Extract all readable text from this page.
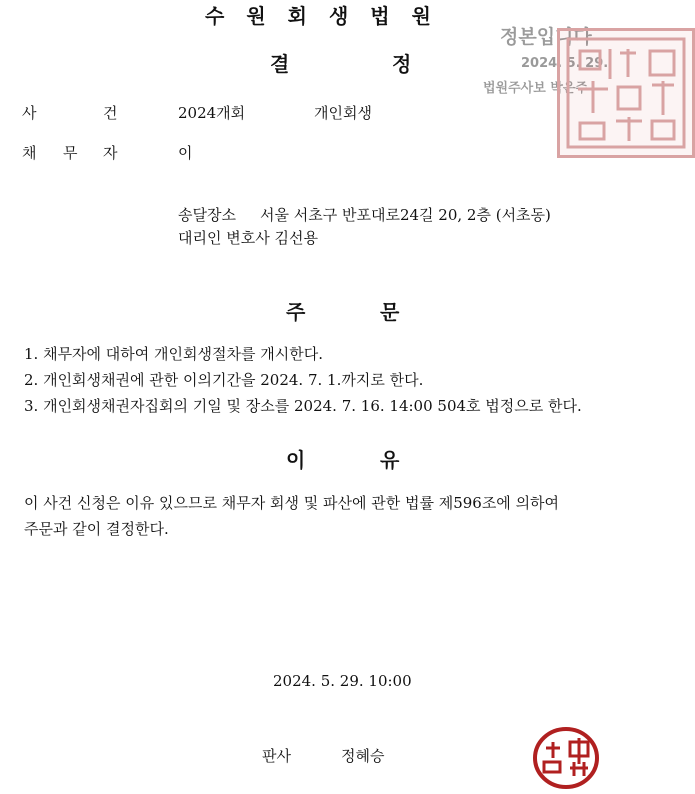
수원회생법원
결	정
정본입니다
2024. 5. 29.
법원주사보 박은주
사	건	2024개회	개인회생
채 무 자	이
송달장소 서울 서초구 반포대로24길 20, 2층 (서초동)
대리인 변호사 김선용
주	문
1. 채무자에 대하여 개인회생절차를 개시한다.
2. 개인회생채권에 관한 이의기간을 2024. 7. 1.까지로 한다.
3. 개인회생채권자집회의 기일 및 장소를 2024. 7. 16. 14:00 504호 법정으로 한다.
이	유
이 사건 신청은 이유 있으므로 채무자 회생 및 파산에 관한 법률 제596조에 의하여
주문과 같이 결정한다.
2024. 5. 29. 10:00
판사	정혜승
